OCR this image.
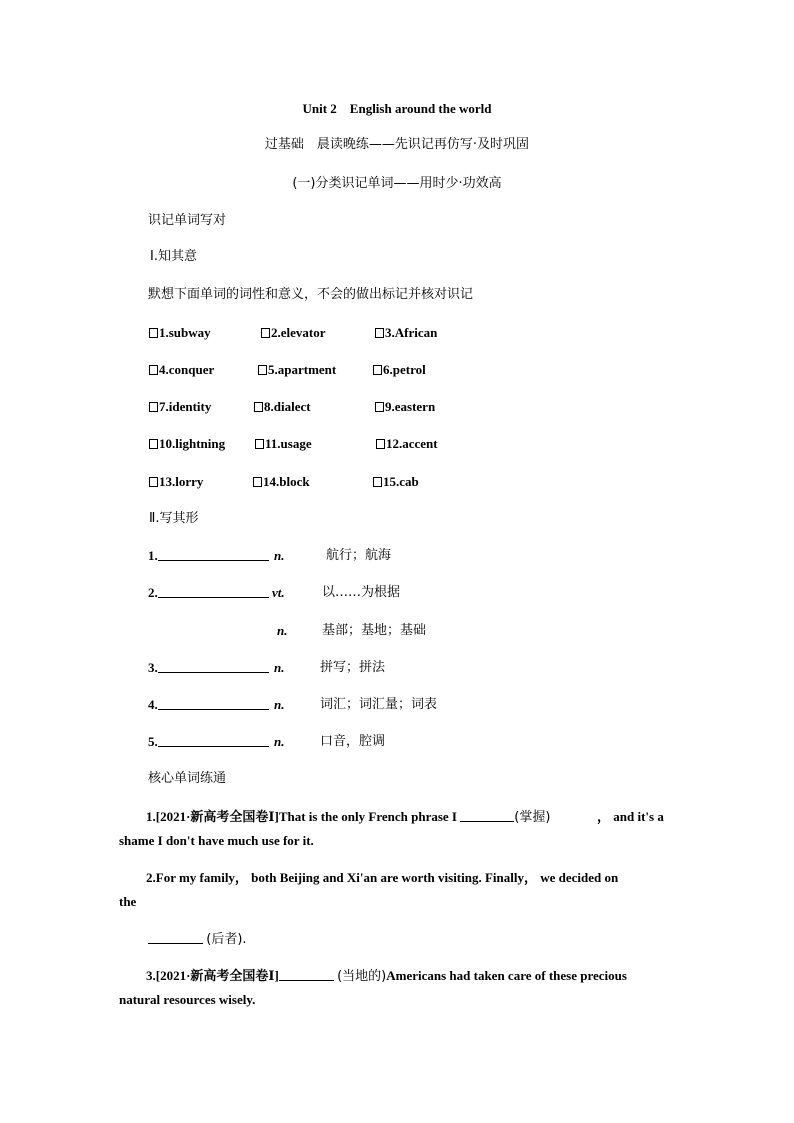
Unit 2　English around the world
过基础　晨读晚练——先识记再仿写·及时巩固
(一)分类识记单词——用时少·功效高
识记单词写对
Ⅰ.知其意
默想下面单词的词性和意义，不会的做出标记并核对识记
1.subway	2.elevator	3.African
4.conquer	5.apartment	6.petrol
7.identity	8.dialect	9.eastern
10.lightning	11.usage	12.accent
13.lorry	14.block	15.cab
Ⅱ.写其形
1.	n.	航行；航海
2.	vt.	以……为根据
n.	基部；基地；基础
3.	n.	拼写；拼法
4.	n.	词汇；词汇量；词表
5.	n.	口音，腔调
核心单词练通
1.[2021·新高考全国卷Ⅰ]That is the only French phrase I	(掌握)	， and it's a
shame I don't have much use for it.
2.For my family， both Beijing and Xi'an are worth visiting. Finally， we decided on
the
(后者).
3.[2021·新高考全国卷Ⅰ]	(当地的)Americans had taken care of these precious
natural resources wisely.
